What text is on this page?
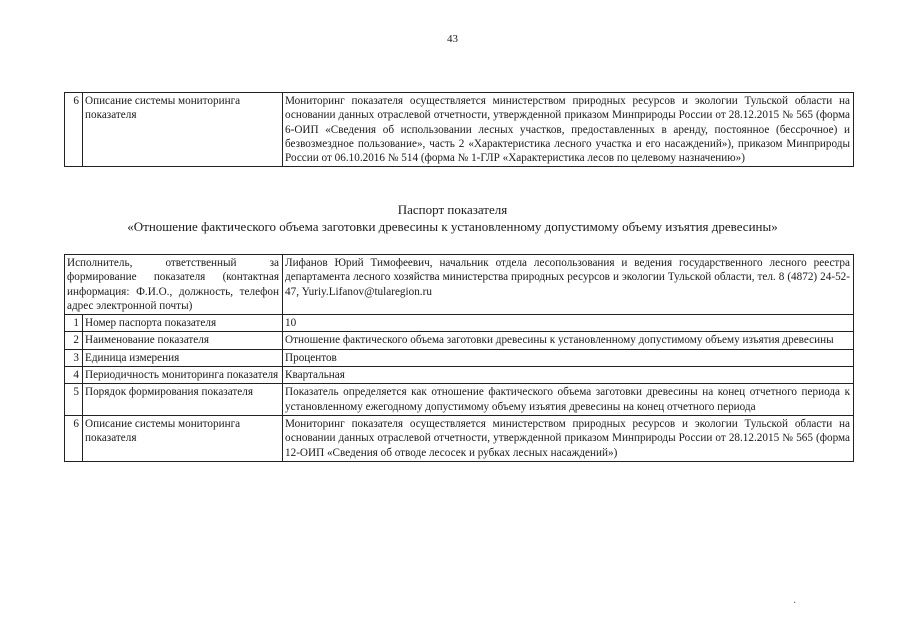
43
6	Описание системы мониторинга показателя	Мониторинг показателя осуществляется министерством природных ресурсов и экологии Тульской области на основании данных отраслевой отчетности, утвержденной приказом Минприроды России от 28.12.2015 № 565 (форма 6-ОИП «Сведения об использовании лесных участков, предоставленных в аренду, постоянное (бессрочное) и безвозмездное пользование», часть 2 «Характеристика лесного участка и его насаждений»), приказом Минприроды России от 06.10.2016 № 514 (форма № 1-ГЛР «Характеристика лесов по целевому назначению»)
Паспорт показателя
«Отношение фактического объема заготовки древесины к установленному допустимому объему изъятия древесины»
Исполнитель, ответственный за формирование показателя (контактная информация: Ф.И.О., должность, телефон адрес электронной почты)		Лифанов Юрий Тимофеевич, начальник отдела лесопользования и ведения государственного лесного реестра департамента лесного хозяйства министерства природных ресурсов и экологии Тульской области, тел. 8 (4872) 24-52-47, Yuriy.Lifanov@tularegion.ru
1	Номер паспорта показателя	10
2	Наименование показателя	Отношение фактического объема заготовки древесины к установленному допустимому объему изъятия древесины
3	Единица измерения	Процентов
4	Периодичность мониторинга показателя	Квартальная
5	Порядок формирования показателя	Показатель определяется как отношение фактического объема заготовки древесины на конец отчетного периода к установленному ежегодному допустимому объему изъятия древесины на конец отчетного периода
6	Описание системы мониторинга показателя	Мониторинг показателя осуществляется министерством природных ресурсов и экологии Тульской области на основании данных отраслевой отчетности, утвержденной приказом Минприроды России от 28.12.2015 № 565 (форма 12-ОИП «Сведения об отводе лесосек и рубках лесных насаждений»)
·
